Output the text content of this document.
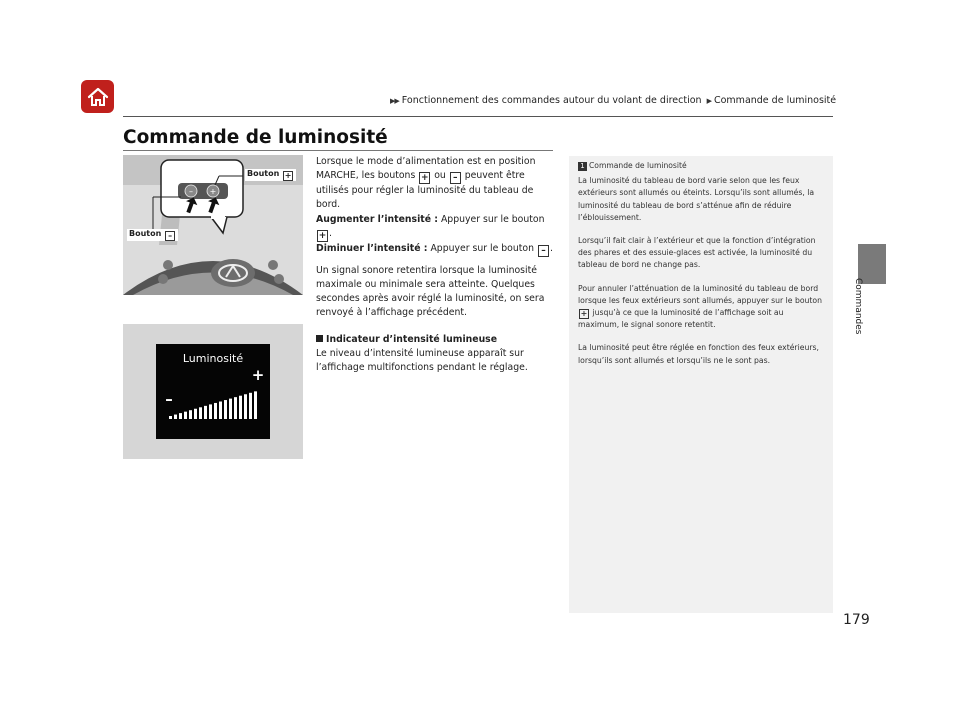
▶▶ Fonctionnement des commandes autour du volant de direction ▶ Commande de luminosité
Commande de luminosité
Commandes
– +
Bouton +
Bouton –
Luminosité
+
–

Lorsque le mode d’alimentation est en position MARCHE, les boutons + ou – peuvent être utilisés pour régler la luminosité du tableau de bord.
Augmenter l’intensité : Appuyer sur le bouton + .
Diminuer l’intensité : Appuyer sur le bouton – .

Un signal sonore retentira lorsque la luminosité maximale ou minimale sera atteinte. Quelques secondes après avoir réglé la luminosité, on sera renvoyé à l’affichage précédent.

Indicateur d’intensité lumineuse
Le niveau d’intensité lumineuse apparaît sur l’affichage multifonctions pendant le réglage.
1 Commande de luminosité

La luminosité du tableau de bord varie selon que les feux extérieurs sont allumés ou éteints. Lorsqu’ils sont allumés, la luminosité du tableau de bord s’atténue afin de réduire l’éblouissement.

Lorsqu’il fait clair à l’extérieur et que la fonction d’intégration des phares et des essuie-glaces est activée, la luminosité du tableau de bord ne change pas.

Pour annuler l’atténuation de la luminosité du tableau de bord lorsque les feux extérieurs sont allumés, appuyer sur le bouton + jusqu’à ce que la luminosité de l’affichage soit au maximum, le signal sonore retentit.

La luminosité peut être réglée en fonction des feux extérieurs, lorsqu’ils sont allumés et lorsqu’ils ne le sont pas.

179
